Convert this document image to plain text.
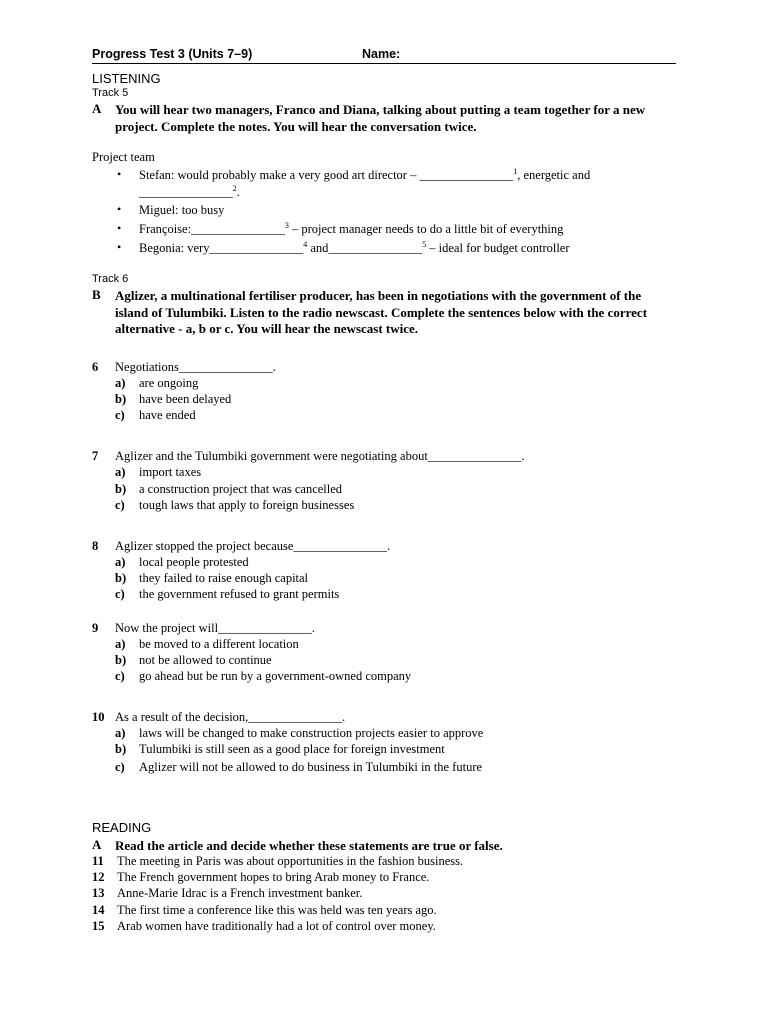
Progress Test 3 (Units 7–9)	Name:
LISTENING
Track 5
A You will hear two managers, Franco and Diana, talking about putting a team together for a new
project. Complete the notes. You will hear the conversation twice.
Project team
• Stefan: would probably make a very good art director – _______________$^1$, energetic and
_______________$^2$.
• Miguel: too busy
• Françoise:_______________$^3$ – project manager needs to do a little bit of everything
• Begonia: very_______________$^4$ and_______________$^5$ – ideal for budget controller
Track 6
B Aglizer, a multinational fertiliser producer, has been in negotiations with the government of the
island of Tulumbiki. Listen to the radio newscast. Complete the sentences below with the correct
alternative - a, b or c. You will hear the newscast twice.
6 Negotiations_______________.
a) are ongoing
b) have been delayed
c) have ended
7 Aglizer and the Tulumbiki government were negotiating about_______________.
a) import taxes
b) a construction project that was cancelled
c) tough laws that apply to foreign businesses
8 Aglizer stopped the project because_______________.
a) local people protested
b) they failed to raise enough capital
c) the government refused to grant permits
9 Now the project will_______________.
a) be moved to a different location
b) not be allowed to continue
c) go ahead but be run by a government-owned company
10 As a result of the decision,_______________.
a) laws will be changed to make construction projects easier to approve
b) Tulumbiki is still seen as a good place for foreign investment
c) Aglizer will not be allowed to do business in Tulumbiki in the future
READING
A Read the article and decide whether these statements are true or false.
11 The meeting in Paris was about opportunities in the fashion business.
12 The French government hopes to bring Arab money to France.
13 Anne-Marie Idrac is a French investment banker.
14 The first time a conference like this was held was ten years ago.
15 Arab women have traditionally had a lot of control over money.
